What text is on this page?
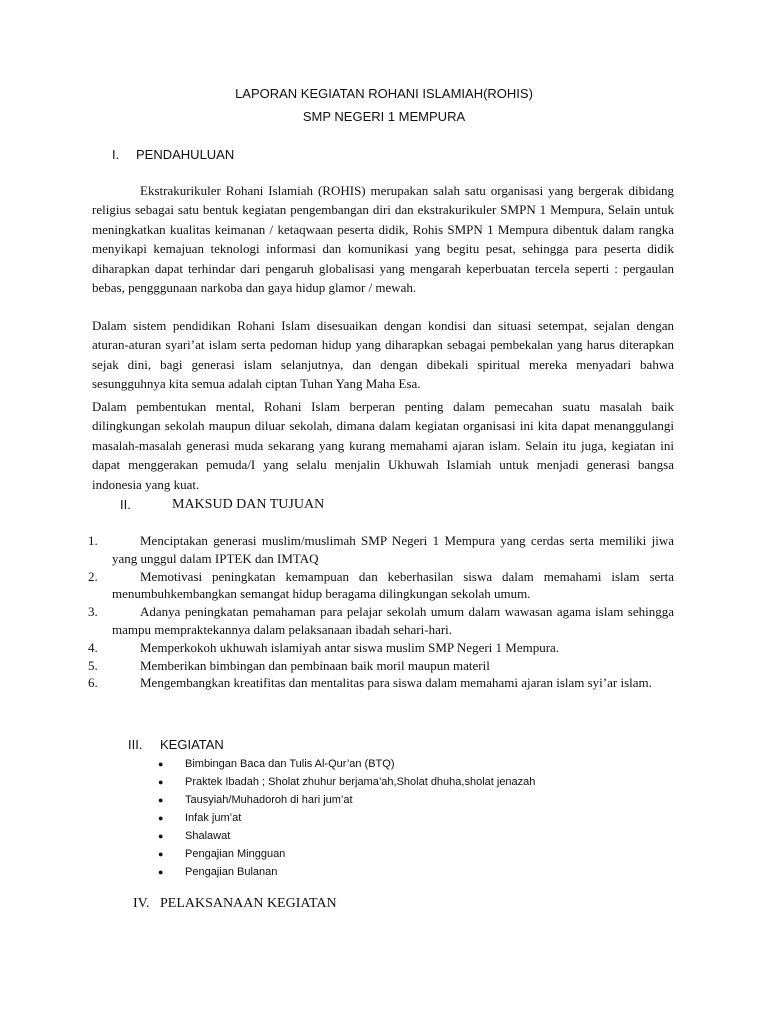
LAPORAN KEGIATAN ROHANI ISLAMIAH(ROHIS)
SMP NEGERI 1 MEMPURA
I. PENDAHULUAN

Ekstrakurikuler Rohani Islamiah (ROHIS) merupakan salah satu organisasi yang bergerak dibidang religius sebagai satu bentuk kegiatan pengembangan diri dan ekstrakurikuler SMPN 1 Mempura, Selain untuk meningkatkan kualitas keimanan / ketaqwaan peserta didik, Rohis SMPN 1 Mempura dibentuk dalam rangka menyikapi kemajuan teknologi informasi dan komunikasi yang begitu pesat, sehingga para peserta didik diharapkan dapat terhindar dari pengaruh globalisasi yang mengarah keperbuatan tercela seperti : pergaulan bebas, pengggunaan narkoba dan gaya hidup glamor / mewah.

Dalam sistem pendidikan Rohani Islam disesuaikan dengan kondisi dan situasi setempat, sejalan dengan aturan-aturan syari’at islam serta pedoman hidup yang diharapkan sebagai pembekalan yang harus diterapkan sejak dini, bagi generasi islam selanjutnya, dan dengan dibekali spiritual mereka menyadari bahwa sesungguhnya kita semua adalah ciptan Tuhan Yang Maha Esa.

Dalam pembentukan mental, Rohani Islam berperan penting dalam pemecahan suatu masalah baik dilingkungan sekolah maupun diluar sekolah, dimana dalam kegiatan organisasi ini kita dapat menanggulangi masalah-masalah generasi muda sekarang yang kurang memahami ajaran islam. Selain itu juga, kegiatan ini dapat menggerakan pemuda/I yang selalu menjalin Ukhuwah Islamiah untuk menjadi generasi bangsa indonesia yang kuat.

II.	MAKSUD DAN TUJUAN
1.	Menciptakan generasi muslim/muslimah SMP Negeri 1 Mempura yang cerdas serta memiliki jiwa yang unggul dalam IPTEK dan IMTAQ
2.	Memotivasi peningkatan kemampuan dan keberhasilan siswa dalam memahami islam serta menumbuhkembangkan semangat hidup beragama dilingkungan sekolah umum.
3.	Adanya peningkatan pemahaman para pelajar sekolah umum dalam wawasan agama islam sehingga mampu mempraktekannya dalam pelaksanaan ibadah sehari-hari.
4.	Memperkokoh ukhuwah islamiyah antar siswa muslim SMP Negeri 1 Mempura.
5.	Memberikan bimbingan dan pembinaan baik moril maupun materil
6.	Mengembangkan kreatifitas dan mentalitas para siswa dalam memahami ajaran islam syi’ar islam.
III. KEGIATAN
● Bimbingan Baca dan Tulis Al-Qur’an (BTQ)
● Praktek Ibadah ; Sholat zhuhur berjama’ah,Sholat dhuha,sholat jenazah
● Tausyiah/Muhadoroh di hari jum’at
● Infak jum’at
● Shalawat
● Pengajian Mingguan
● Pengajian Bulanan
IV. PELAKSANAAN KEGIATAN
